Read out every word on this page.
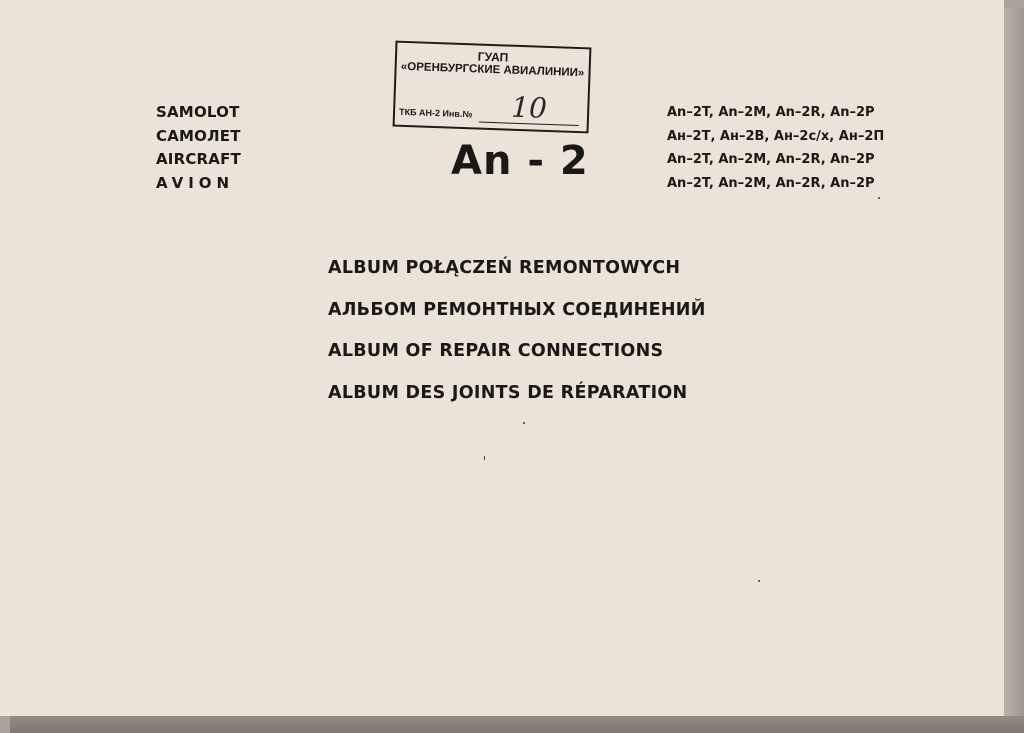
SAMOLOT
САМОЛЕТ
AIRCRAFT
AVION
ГУАП
«ОРЕНБУРГСКИЕ АВИАЛИНИИ»
ТКБ АН-2 Инв.№ 10
An - 2
An–2T, An–2M, An–2R, An–2P
Ан–2Т, Ан–2В, Ан–2с/х, Ан–2П
An–2T, An–2M, An–2R, An–2P
An–2T, An–2M, An–2R, An–2P
ALBUM POŁĄCZEŃ REMONTOWYCH
АЛЬБОМ РЕМОНТНЫХ СОЕДИНЕНИЙ
ALBUM OF REPAIR CONNECTIONS
ALBUM DES JOINTS DE RÉPARATION
